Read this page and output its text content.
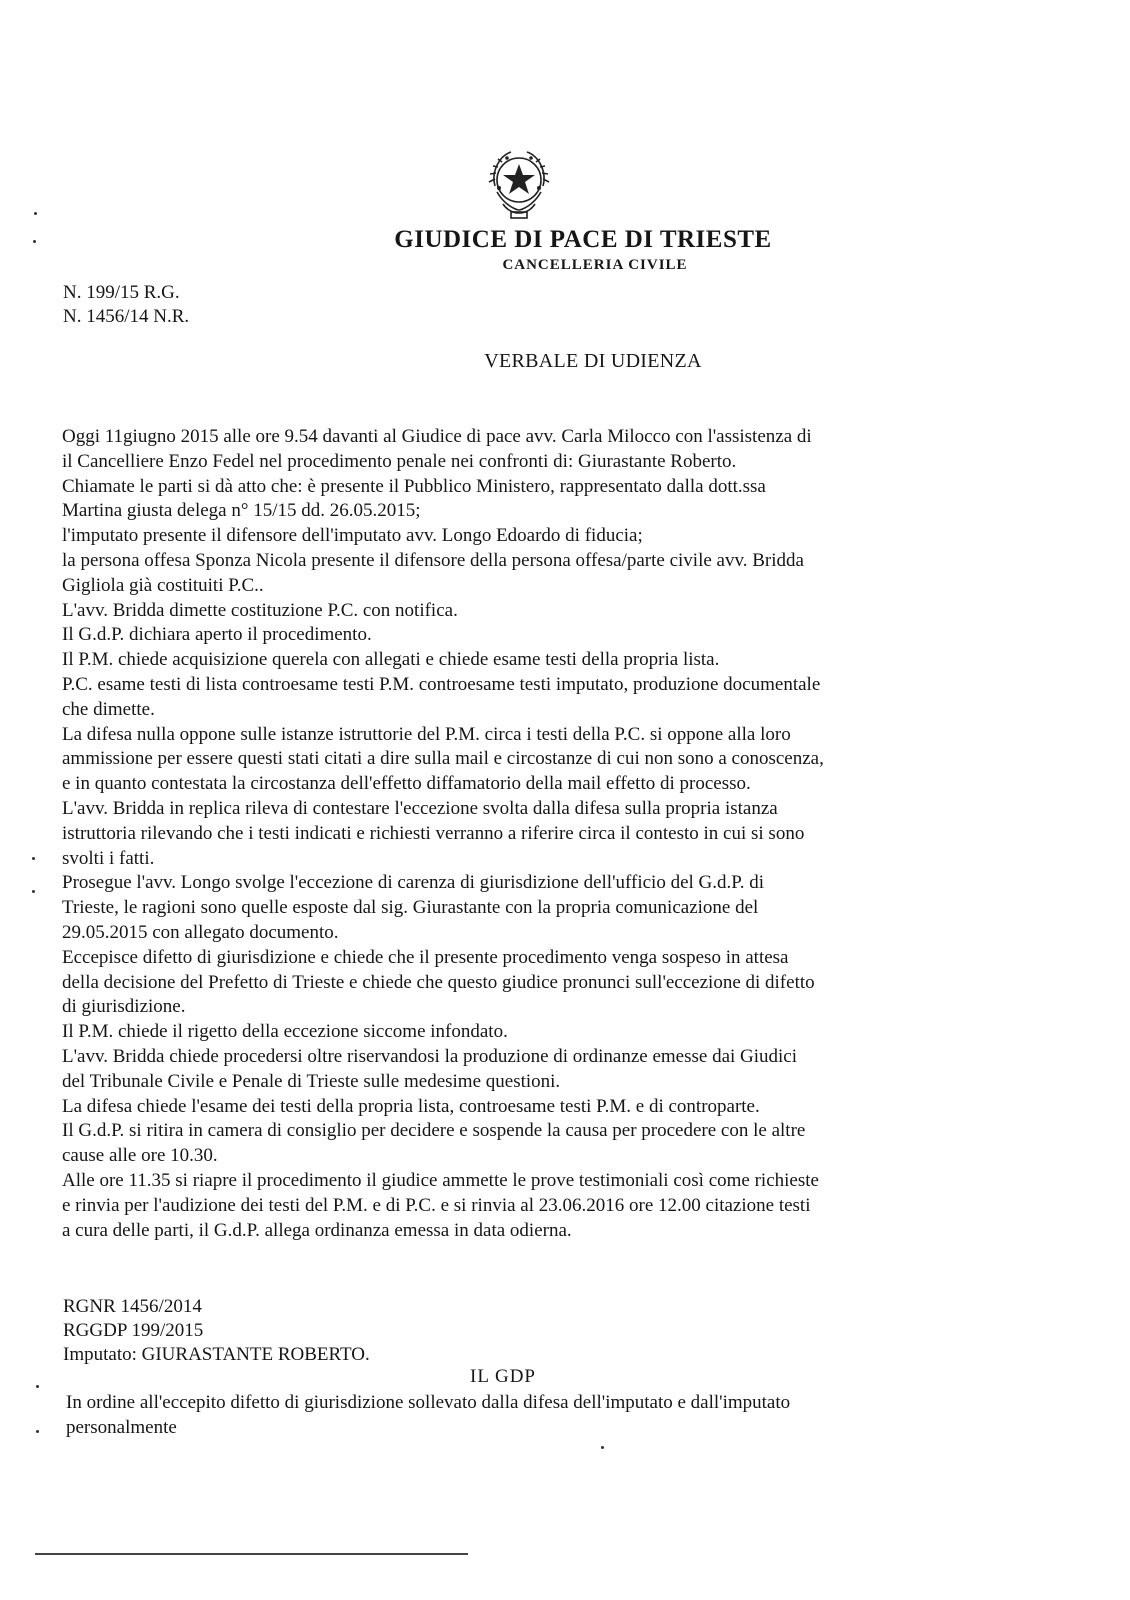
GIUDICE DI PACE DI TRIESTE
CANCELLERIA CIVILE
N. 199/15 R.G.
N. 1456/14 N.R.
VERBALE DI UDIENZA
Oggi 11giugno 2015 alle ore 9.54 davanti al Giudice di pace avv. Carla Milocco con l'assistenza di
il Cancelliere Enzo Fedel nel procedimento penale nei confronti di: Giurastante Roberto.
Chiamate le parti si dà atto che: è presente il Pubblico Ministero, rappresentato dalla dott.ssa
Martina giusta delega n° 15/15 dd. 26.05.2015;
l'imputato presente il difensore dell'imputato avv. Longo Edoardo di fiducia;
la persona offesa Sponza Nicola presente il difensore della persona offesa/parte civile avv. Bridda
Gigliola già costituiti P.C..
L'avv. Bridda dimette costituzione P.C. con notifica.
Il G.d.P. dichiara aperto il procedimento.
Il P.M. chiede acquisizione querela con allegati e chiede esame testi della propria lista.
P.C. esame testi di lista controesame testi P.M. controesame testi imputato, produzione documentale
che dimette.
La difesa nulla oppone sulle istanze istruttorie del P.M. circa i testi della P.C. si oppone alla loro
ammissione per essere questi stati citati a dire sulla mail e circostanze di cui non sono a conoscenza,
e in quanto contestata la circostanza dell'effetto diffamatorio della mail effetto di processo.
L'avv. Bridda in replica rileva di contestare l'eccezione svolta dalla difesa sulla propria istanza
istruttoria rilevando che i testi indicati e richiesti verranno a riferire circa il contesto in cui si sono
svolti i fatti.
Prosegue l'avv. Longo svolge l'eccezione di carenza di giurisdizione dell'ufficio del G.d.P. di
Trieste, le ragioni sono quelle esposte dal sig. Giurastante con la propria comunicazione del
29.05.2015 con allegato documento.
Eccepisce difetto di giurisdizione e chiede che il presente procedimento venga sospeso in attesa
della decisione del Prefetto di Trieste e chiede che questo giudice pronunci sull'eccezione di difetto
di giurisdizione.
Il P.M. chiede il rigetto della eccezione siccome infondato.
L'avv. Bridda chiede procedersi oltre riservandosi la produzione di ordinanze emesse dai Giudici
del Tribunale Civile e Penale di Trieste sulle medesime questioni.
La difesa chiede l'esame dei testi della propria lista, controesame testi P.M. e di controparte.
Il G.d.P. si ritira in camera di consiglio per decidere e sospende la causa per procedere con le altre
cause alle ore 10.30.
Alle ore 11.35 si riapre il procedimento il giudice ammette le prove testimoniali così come richieste
e rinvia per l'audizione dei testi del P.M. e di P.C. e si rinvia al 23.06.2016 ore 12.00 citazione testi
a cura delle parti, il G.d.P. allega ordinanza emessa in data odierna.
RGNR 1456/2014
RGGDP 199/2015
Imputato: GIURASTANTE ROBERTO.
IL GDP
In ordine all'eccepito difetto di giurisdizione sollevato dalla difesa dell'imputato e dall'imputato
personalmente
